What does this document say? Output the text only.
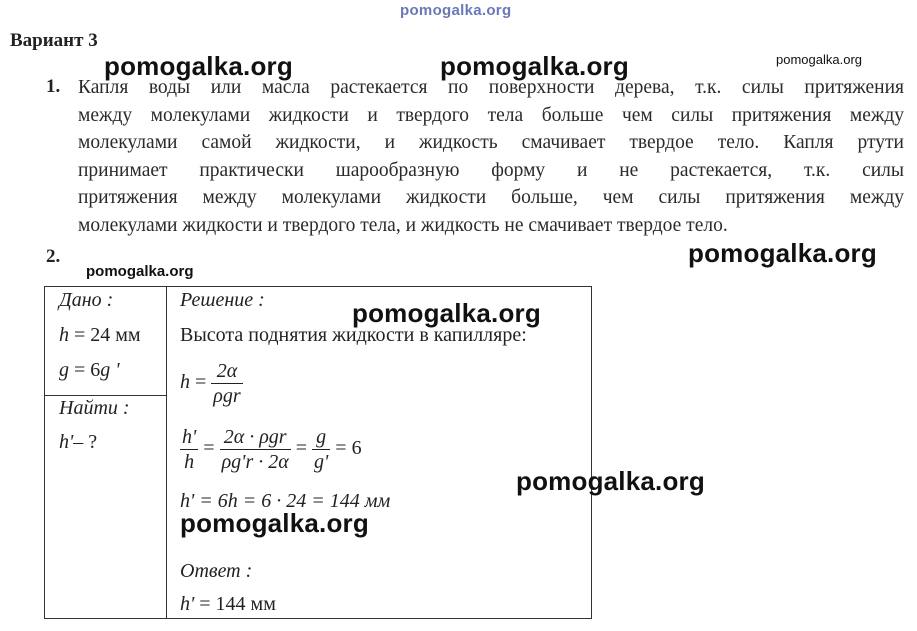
pomogalka.org
pomogalka.org
pomogalka.org
Вариант 3
1. Капля воды или масла растекается по поверхности дерева, т.к. силы притяжения
между молекулами жидкости и твердого тела больше чем силы притяжения между
молекулами самой жидкости, и жидкость смачивает твердое тело. Капля ртути
принимает практически шарообразную форму и не растекается, т.к. силы
притяжения между молекулами жидкости больше, чем силы притяжения между
молекулами жидкости и твердого тела, и жидкость не смачивает твердое тело.
2.
Дано :
h = 24 мм
g = 6g '
Найти :
h'– ?
Решение :
Высота поднятия жидкости в капилляре:
$h = \frac{2\alpha}{\text{ρgr}}$
$\frac{h'}{h} = \frac{\text{2α · ρgr}}{\rho g'r \cdot 2\alpha} = \frac{g}{g'} = 6$
h' = 6h = 6 · 24 = 144 мм
Ответ :
h' = 144 мм
pomogalka.org	pomogalka.org
pomogalka.org
pomogalka.org
pomogalka.org
pomogalka.org
